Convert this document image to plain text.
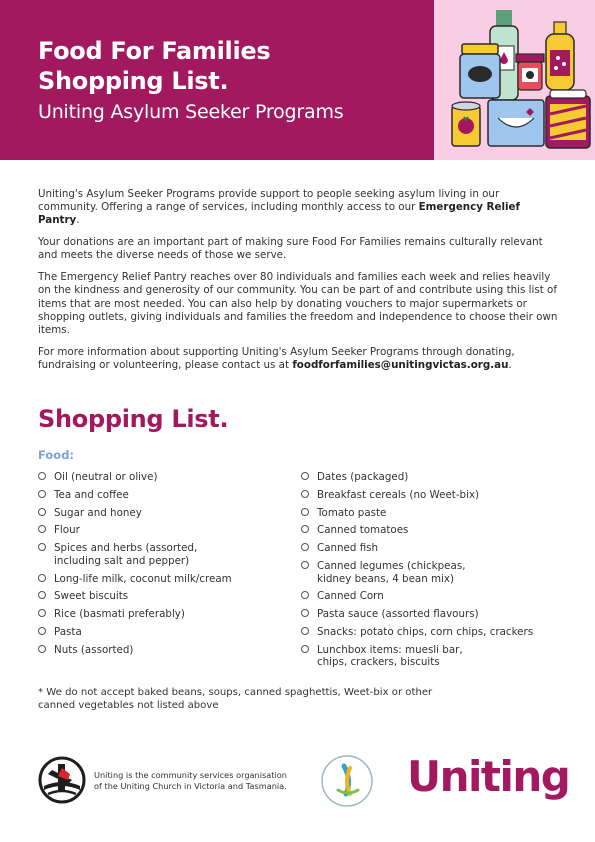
Food For Families
Shopping List.
Uniting Asylum Seeker Programs

Uniting's Asylum Seeker Programs provide support to people seeking asylum living in our community. Offering a range of services, including monthly access to our Emergency Relief Pantry.

Your donations are an important part of making sure Food For Families remains culturally relevant and meets the diverse needs of those we serve.

The Emergency Relief Pantry reaches over 80 individuals and families each week and relies heavily on the kindness and generosity of our community. You can be part of and contribute using this list of items that are most needed. You can also help by donating vouchers to major supermarkets or shopping outlets, giving individuals and families the freedom and independence to choose their own items.

For more information about supporting Uniting's Asylum Seeker Programs through donating, fundraising or volunteering, please contact us at foodforfamilies@unitingvictas.org.au.

Shopping List.
Food:
Oil (neutral or olive)
Tea and coffee
Sugar and honey
Flour
Spices and herbs (assorted, including salt and pepper)
Long-life milk, coconut milk/cream
Sweet biscuits
Rice (basmati preferably)
Pasta
Nuts (assorted)
Dates (packaged)
Breakfast cereals (no Weet-bix)
Tomato paste
Canned tomatoes
Canned fish
Canned legumes (chickpeas, kidney beans, 4 bean mix)
Canned Corn
Pasta sauce (assorted flavours)
Snacks: potato chips, corn chips, crackers
Lunchbox items: muesli bar, chips, crackers, biscuits
* We do not accept baked beans, soups, canned spaghettis, Weet-bix or other canned vegetables not listed above
Uniting is the community services organisation of the Uniting Church in Victoria and Tasmania.	Uniting
